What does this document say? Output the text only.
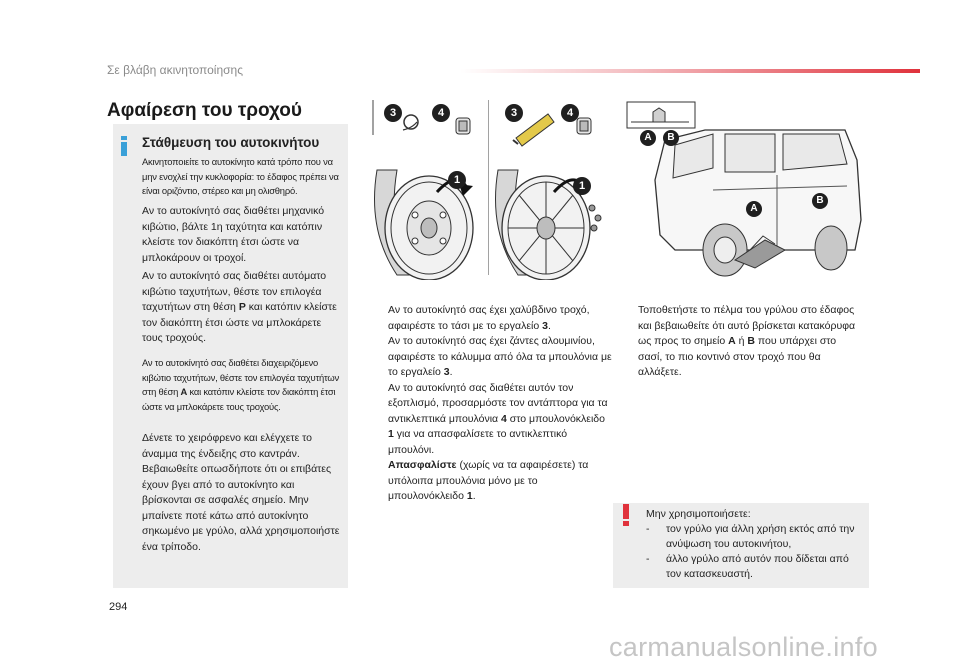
Σε βλάβη ακινητοποίησης
Αφαίρεση του τροχού
Στάθμευση του αυτοκινήτου
Ακινητοποιείτε το αυτοκίνητο κατά τρόπο που να μην ενοχλεί την κυκλοφορία: το έδαφος πρέπει να είναι οριζόντιο, στέρεο και μη ολισθηρό.
Αν το αυτοκίνητό σας διαθέτει μηχανικό κιβώτιο, βάλτε 1η ταχύτητα και κατόπιν κλείστε τον διακόπτη έτσι ώστε να μπλοκάρουν οι τροχοί.
Αν το αυτοκίνητό σας διαθέτει αυτόματο κιβώτιο ταχυτήτων, θέστε τον επιλογέα ταχυτήτων στη θέση P και κατόπιν κλείστε τον διακόπτη έτσι ώστε να μπλοκάρετε τους τροχούς.
Αν το αυτοκίνητό σας διαθέτει διαχειριζόμενο κιβώτιο ταχυτήτων, θέστε τον επιλογέα ταχυτήτων στη θέση A και κατόπιν κλείστε τον διακόπτη έτσι ώστε να μπλοκάρετε τους τροχούς.
Δένετε το χειρόφρενο και ελέγχετε το άναμμα της ένδειξης στο καντράν. Βεβαιωθείτε οπωσδήποτε ότι οι επιβάτες έχουν βγει από το αυτοκίνητο και βρίσκονται σε ασφαλές σημείο. Μην μπαίνετε ποτέ κάτω από αυτοκίνητο σηκωμένο με γρύλο, αλλά χρησιμοποιήστε ένα τρίποδο.
3	4
1
3	4
1
A	B
A
B

Αν το αυτοκίνητό σας έχει χαλύβδινο τροχό, αφαιρέστε το τάσι με το εργαλείο 3.

Αν το αυτοκίνητό σας έχει ζάντες αλουμινίου, αφαιρέστε το κάλυμμα από όλα τα μπουλόνια με το εργαλείο 3.

Αν το αυτοκίνητό σας διαθέτει αυτόν τον εξοπλισμό, προσαρμόστε τον αντάπτορα για τα αντικλεπτικά μπουλόνια 4 στο μπουλονόκλειδο 1 για να απασφαλίσετε το αντικλεπτικό μπουλόνι.

Απασφαλίστε (χωρίς να τα αφαιρέσετε) τα υπόλοιπα μπουλόνια μόνο με το μπουλονόκλειδο 1.

Τοποθετήστε το πέλμα του γρύλου στο έδαφος και βεβαιωθείτε ότι αυτό βρίσκεται κατακόρυφα ως προς το σημείο A ή B που υπάρχει στο σασί, το πιο κοντινό στον τροχό που θα αλλάξετε.

Μην χρησιμοποιήσετε:
- τον γρύλο για άλλη χρήση εκτός από την ανύψωση του αυτοκινήτου,
- άλλο γρύλο από αυτόν που δίδεται από τον κατασκευαστή.
294
carmanualsonline.info
